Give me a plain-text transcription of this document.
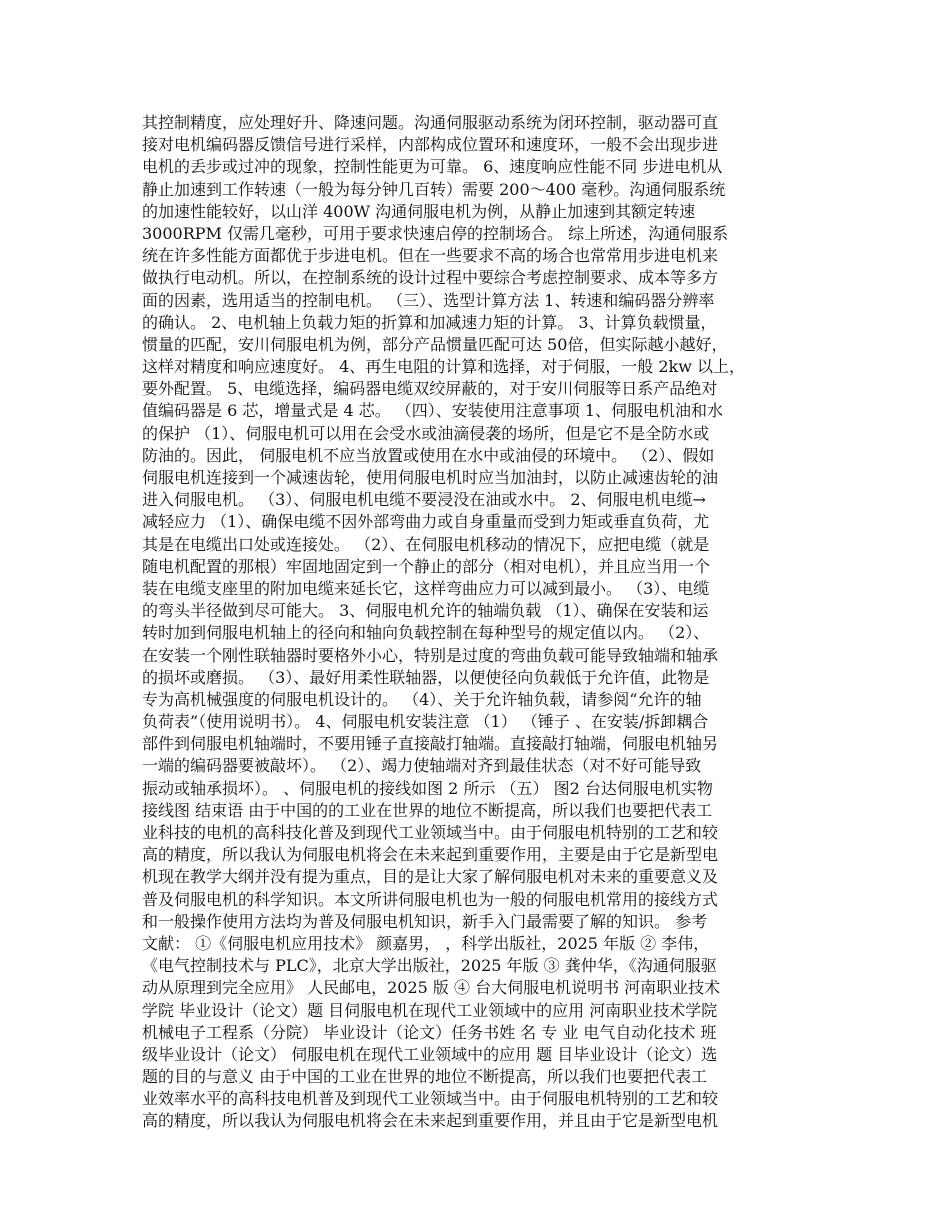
其控制精度，应处理好升、降速问题。沟通伺服驱动系统为闭环控制，驱动器可直
接对电机编码器反馈信号进行采样，内部构成位置环和速度环，一般不会出现步进
电机的丢步或过冲的现象，控制性能更为可靠。 6、速度响应性能不同 步进电机从
静止加速到工作转速（一般为每分钟几百转）需要 200～400 毫秒。沟通伺服系统
的加速性能较好，以山洋 400W 沟通伺服电机为例，从静止加速到其额定转速
3000RPM 仅需几毫秒，可用于要求快速启停的控制场合。 综上所述，沟通伺服系
统在许多性能方面都优于步进电机。但在一些要求不高的场合也常常用步进电机来
做执行电动机。所以，在控制系统的设计过程中要综合考虑控制要求、成本等多方
面的因素，选用适当的控制电机。 （三）、选型计算方法 1、转速和编码器分辨率
的确认。 2、电机轴上负载力矩的折算和加减速力矩的计算。 3、计算负载惯量，
惯量的匹配，安川伺服电机为例，部分产品惯量匹配可达 50倍，但实际越小越好，
这样对精度和响应速度好。 4、再生电阻的计算和选择，对于伺服，一般 2kw 以上，
要外配置。 5、电缆选择，编码器电缆双绞屏蔽的，对于安川伺服等日系产品绝对
值编码器是 6 芯，增量式是 4 芯。 （四）、安装使用注意事项 1、伺服电机油和水
的保护 （1）、伺服电机可以用在会受水或油滴侵袭的场所，但是它不是全防水或
防油的。因此， 伺服电机不应当放置或使用在水中或油侵的环境中。 （2）、假如
伺服电机连接到一个减速齿轮，使用伺服电机时应当加油封，以防止减速齿轮的油
进入伺服电机。 （3）、伺服电机电缆不要浸没在油或水中。 2、伺服电机电缆→
减轻应力 （1）、确保电缆不因外部弯曲力或自身重量而受到力矩或垂直负荷，尤
其是在电缆出口处或连接处。 （2）、在伺服电机移动的情况下，应把电缆（就是
随电机配置的那根）牢固地固定到一个静止的部分（相对电机），并且应当用一个
装在电缆支座里的附加电缆来延长它，这样弯曲应力可以减到最小。 （3）、电缆
的弯头半径做到尽可能大。 3、伺服电机允许的轴端负载 （1）、确保在安装和运
转时加到伺服电机轴上的径向和轴向负载控制在每种型号的规定值以内。 （2）、
在安装一个刚性联轴器时要格外小心，特别是过度的弯曲负载可能导致轴端和轴承
的损坏或磨损。 （3）、最好用柔性联轴器，以便使径向负载低于允许值，此物是
专为高机械强度的伺服电机设计的。 （4）、关于允许轴负载，请参阅“允许的轴
负荷表”（使用说明书）。 4、伺服电机安装注意 （1） （锤子 、在安装/拆卸耦合
部件到伺服电机轴端时，不要用锤子直接敲打轴端。直接敲打轴端，伺服电机轴另
一端的编码器要被敲坏）。 （2）、竭力使轴端对齐到最佳状态（对不好可能导致
振动或轴承损坏）。 、伺服电机的接线如图 2 所示 （五） 图2 台达伺服电机实物
接线图 结束语 由于中国的的工业在世界的地位不断提高，所以我们也要把代表工
业科技的电机的高科技化普及到现代工业领域当中。由于伺服电机特别的工艺和较
高的精度，所以我认为伺服电机将会在未来起到重要作用，主要是由于它是新型电
机现在教学大纲并没有提为重点，目的是让大家了解伺服电机对未来的重要意义及
普及伺服电机的科学知识。本文所讲伺服电机也为一般的伺服电机常用的接线方式
和一般操作使用方法均为普及伺服电机知识，新手入门最需要了解的知识。 参考
文献： ①《伺服电机应用技术》 颜嘉男， ，科学出版社，2025 年版 ② 李伟，
《电气控制技术与 PLC》，北京大学出版社，2025 年版 ③ 龚仲华，《沟通伺服驱
动从原理到完全应用》 人民邮电，2025 版 ④ 台大伺服电机说明书 河南职业技术
学院 毕业设计（论文）题 目伺服电机在现代工业领域中的应用 河南职业技术学院
机械电子工程系（分院） 毕业设计（论文）任务书姓 名 专 业 电气自动化技术 班
级毕业设计（论文） 伺服电机在现代工业领域中的应用 题 目毕业设计（论文）选
题的目的与意义 由于中国的工业在世界的地位不断提高，所以我们也要把代表工
业效率水平的高科技电机普及到现代工业领域当中。由于伺服电机特别的工艺和较
高的精度，所以我认为伺服电机将会在未来起到重要作用，并且由于它是新型电机
